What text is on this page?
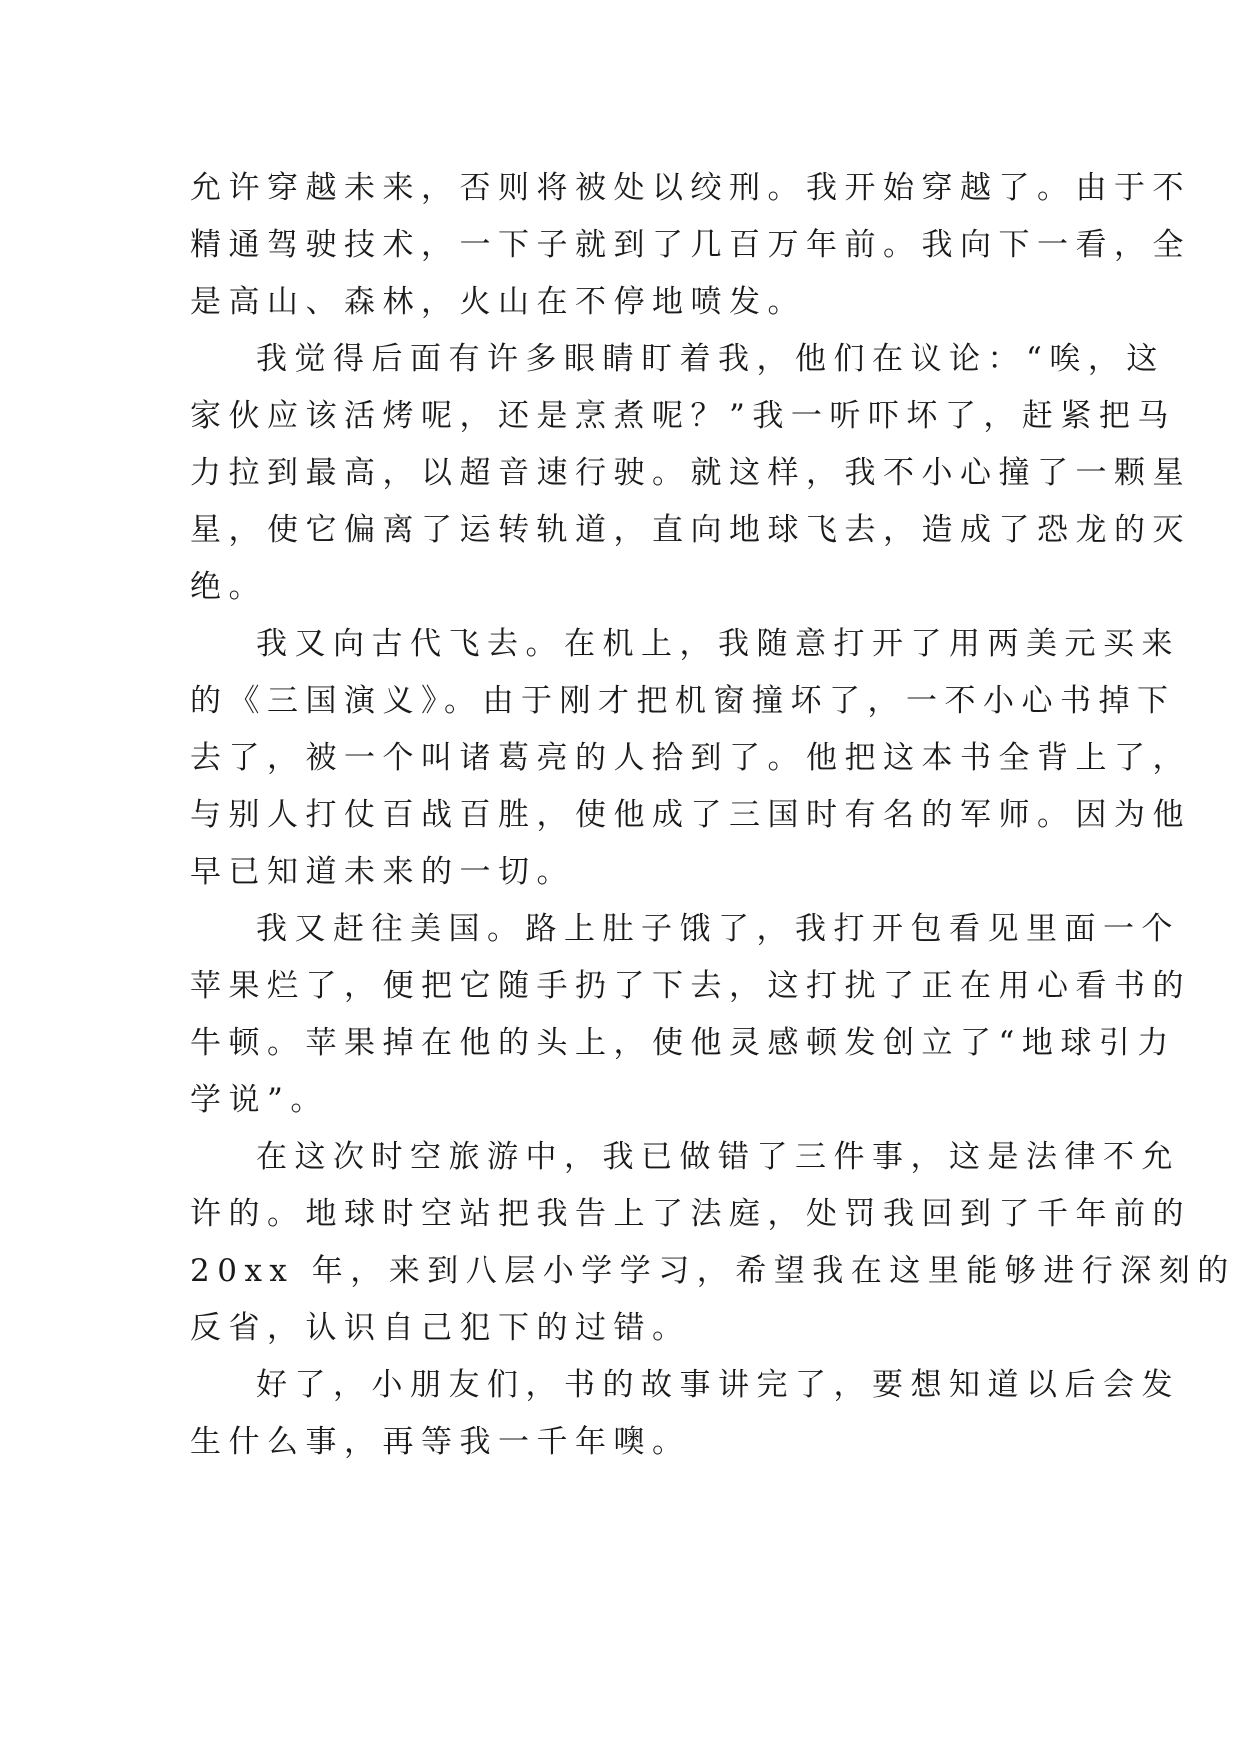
允许穿越未来，否则将被处以绞刑。我开始穿越了。由于不
精通驾驶技术，一下子就到了几百万年前。我向下一看，全
是高山、森林，火山在不停地喷发。

我觉得后面有许多眼睛盯着我，他们在议论：“唉，这
家伙应该活烤呢，还是烹煮呢？”我一听吓坏了，赶紧把马
力拉到最高，以超音速行驶。就这样，我不小心撞了一颗星
星，使它偏离了运转轨道，直向地球飞去，造成了恐龙的灭
绝。

我又向古代飞去。在机上，我随意打开了用两美元买来
的《三国演义》。由于刚才把机窗撞坏了，一不小心书掉下
去了，被一个叫诸葛亮的人拾到了。他把这本书全背上了，
与别人打仗百战百胜，使他成了三国时有名的军师。因为他
早已知道未来的一切。

我又赶往美国。路上肚子饿了，我打开包看见里面一个
苹果烂了，便把它随手扔了下去，这打扰了正在用心看书的
牛顿。苹果掉在他的头上，使他灵感顿发创立了“地球引力
学说”。

在这次时空旅游中，我已做错了三件事，这是法律不允
许的。地球时空站把我告上了法庭，处罚我回到了千年前的
20xx 年，来到八层小学学习，希望我在这里能够进行深刻的
反省，认识自己犯下的过错。

好了，小朋友们，书的故事讲完了，要想知道以后会发
生什么事，再等我一千年噢。
